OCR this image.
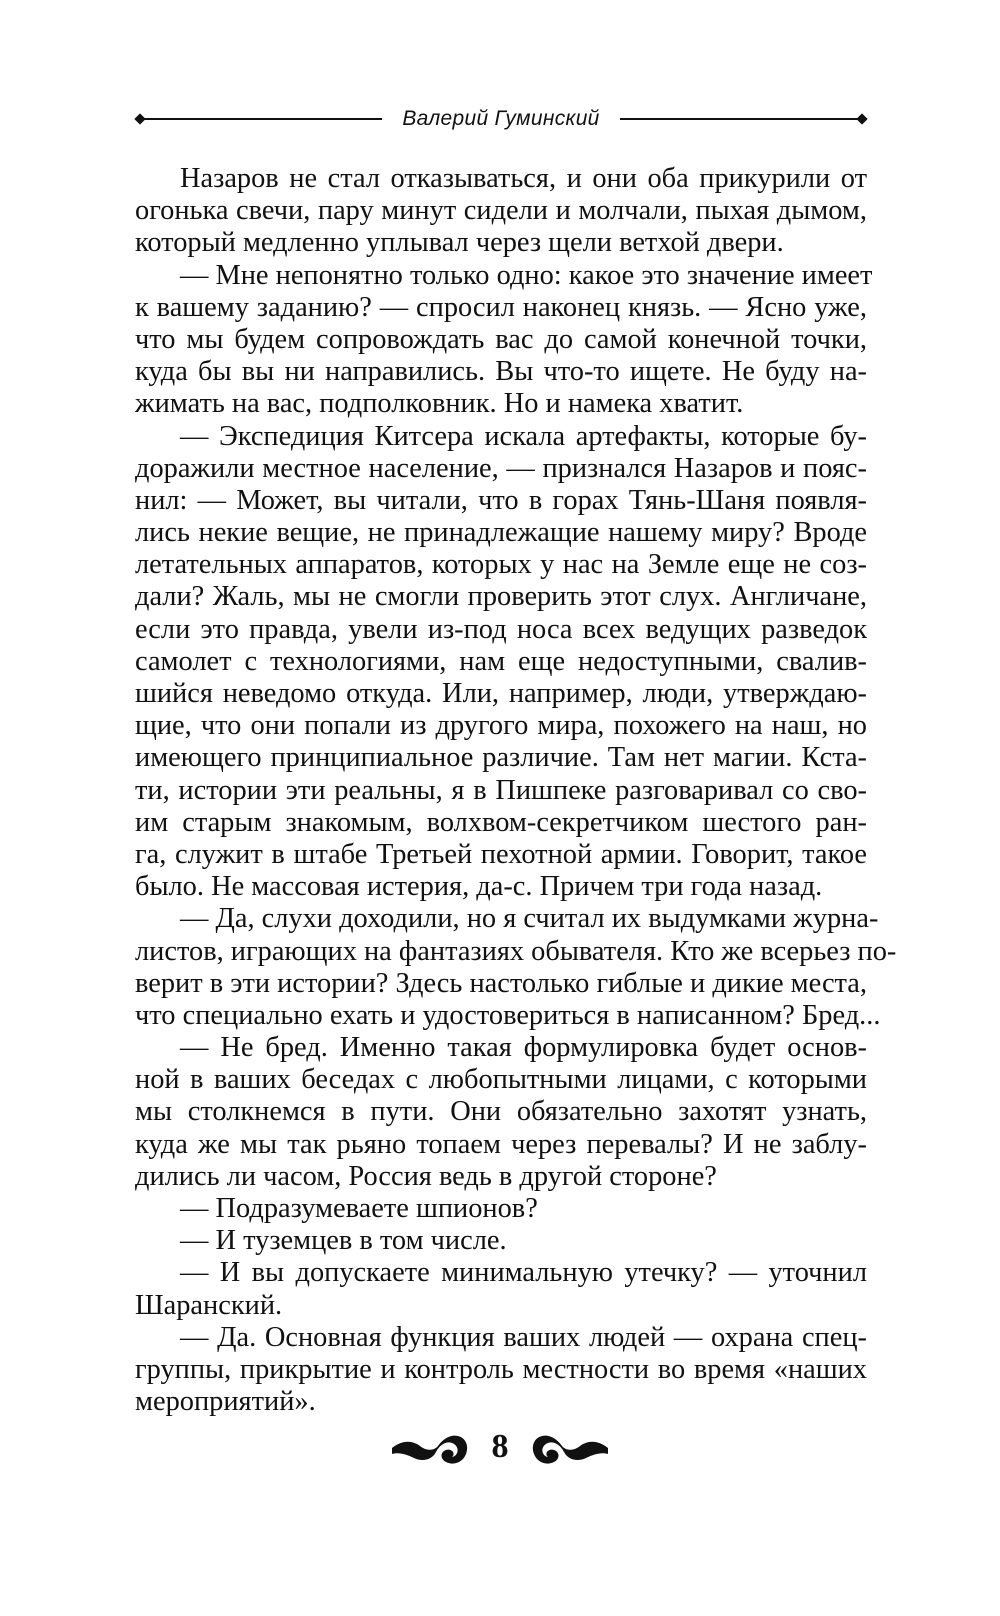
Валерий Гуминский
Назаров не стал отказываться, и они оба прикурили от
огонька свечи, пару минут сидели и молчали, пыхая дымом,
который медленно уплывал через щели ветхой двери.
— Мне непонятно только одно: какое это значение имеет
к вашему заданию? — спросил наконец князь. — Ясно уже,
что мы будем сопровождать вас до самой конечной точки,
куда бы вы ни направились. Вы что-то ищете. Не буду на-
жимать на вас, подполковник. Но и намека хватит.
— Экспедиция Китсера искала артефакты, которые бу-
доражили местное население, — признался Назаров и пояс-
нил: — Может, вы читали, что в горах Тянь-Шаня появля-
лись некие вещие, не принадлежащие нашему миру? Вроде
летательных аппаратов, которых у нас на Земле еще не соз-
дали? Жаль, мы не смогли проверить этот слух. Англичане,
если это правда, увели из-под носа всех ведущих разведок
самолет с технологиями, нам еще недоступными, свалив-
шийся неведомо откуда. Или, например, люди, утверждаю-
щие, что они попали из другого мира, похожего на наш, но
имеющего принципиальное различие. Там нет магии. Кста-
ти, истории эти реальны, я в Пишпеке разговаривал со сво-
им старым знакомым, волхвом-секретчиком шестого ран-
га, служит в штабе Третьей пехотной армии. Говорит, такое
было. Не массовая истерия, да-с. Причем три года назад.
— Да, слухи доходили, но я считал их выдумками журна-
листов, играющих на фантазиях обывателя. Кто же всерьез по-
верит в эти истории? Здесь настолько гиблые и дикие места,
что специально ехать и удостовериться в написанном? Бред...
— Не бред. Именно такая формулировка будет основ-
ной в ваших беседах с любопытными лицами, с которыми
мы столкнемся в пути. Они обязательно захотят узнать,
куда же мы так рьяно топаем через перевалы? И не заблу-
дились ли часом, Россия ведь в другой стороне?
— Подразумеваете шпионов?
— И туземцев в том числе.
— И вы допускаете минимальную утечку? — уточнил
Шаранский.
— Да. Основная функция ваших людей — охрана спец-
группы, прикрытие и контроль местности во время «наших
мероприятий».
8
